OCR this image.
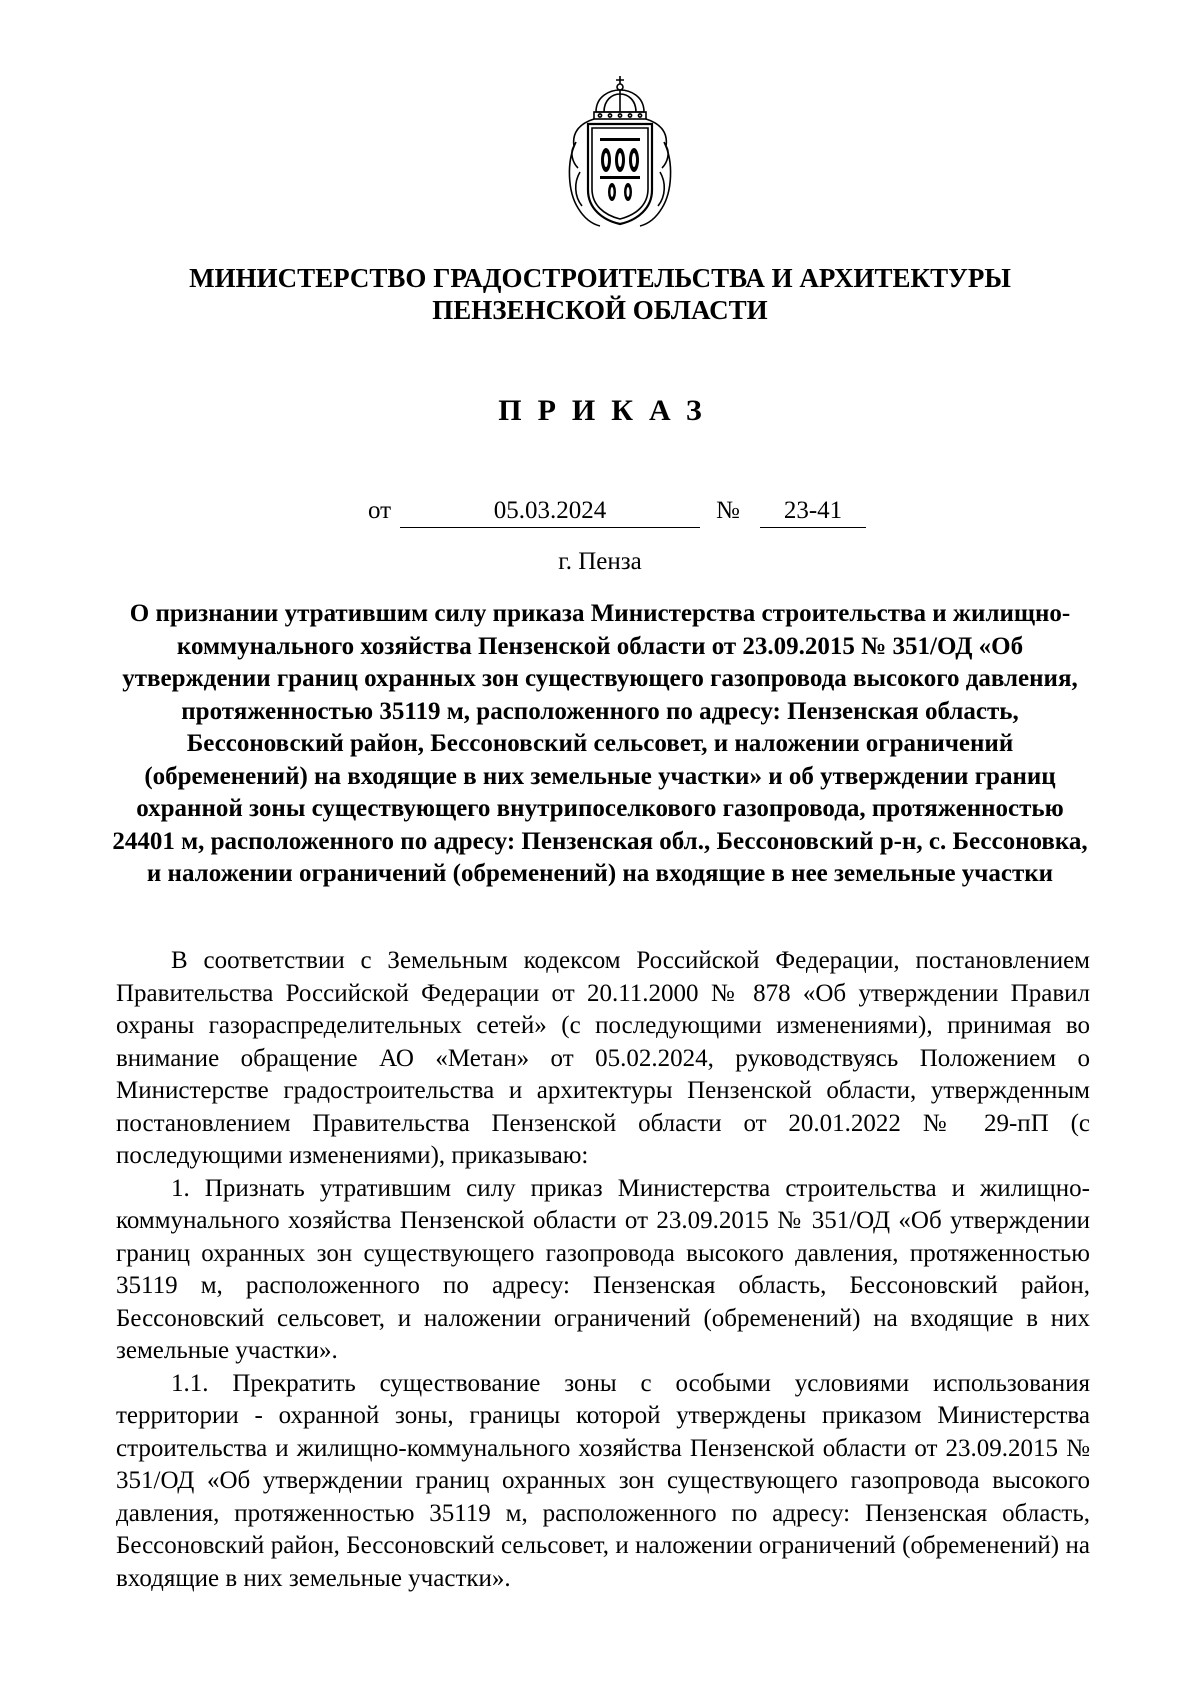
МИНИСТЕРСТВО ГРАДОСТРОИТЕЛЬСТВА И АРХИТЕКТУРЫ
ПЕНЗЕНСКОЙ ОБЛАСТИ
ПРИКАЗ
от	05.03.2024	№	23-41
г. Пенза
О признании утратившим силу приказа Министерства строительства и жилищно-коммунального хозяйства Пензенской области от 23.09.2015 № 351/ОД «Об утверждении границ охранных зон существующего газопровода высокого давления, протяженностью 35119 м, расположенного по адресу: Пензенская область, Бессоновский район, Бессоновский сельсовет, и наложении ограничений (обременений) на входящие в них земельные участки» и об утверждении границ охранной зоны существующего внутрипоселкового газопровода, протяженностью 24401 м, расположенного по адресу: Пензенская обл., Бессоновский р-н, с. Бессоновка, и наложении ограничений (обременений) на входящие в нее земельные участки

В соответствии с Земельным кодексом Российской Федерации, постановлением Правительства Российской Федерации от 20.11.2000 № 878 «Об утверждении Правил охраны газораспределительных сетей» (с последующими изменениями), принимая во внимание обращение АО «Метан» от 05.02.2024, руководствуясь Положением о Министерстве градостроительства и архитектуры Пензенской области, утвержденным постановлением Правительства Пензенской области от 20.01.2022 № 29-пП (с последующими изменениями), приказываю:

1. Признать утратившим силу приказ Министерства строительства и жилищно-коммунального хозяйства Пензенской области от 23.09.2015 № 351/ОД «Об утверждении границ охранных зон существующего газопровода высокого давления, протяженностью 35119 м, расположенного по адресу: Пензенская область, Бессоновский район, Бессоновский сельсовет, и наложении ограничений (обременений) на входящие в них земельные участки».

1.1. Прекратить существование зоны с особыми условиями использования территории - охранной зоны, границы которой утверждены приказом Министерства строительства и жилищно-коммунального хозяйства Пензенской области от 23.09.2015 № 351/ОД «Об утверждении границ охранных зон существующего газопровода высокого давления, протяженностью 35119 м, расположенного по адресу: Пензенская область, Бессоновский район, Бессоновский сельсовет, и наложении ограничений (обременений) на входящие в них земельные участки».
